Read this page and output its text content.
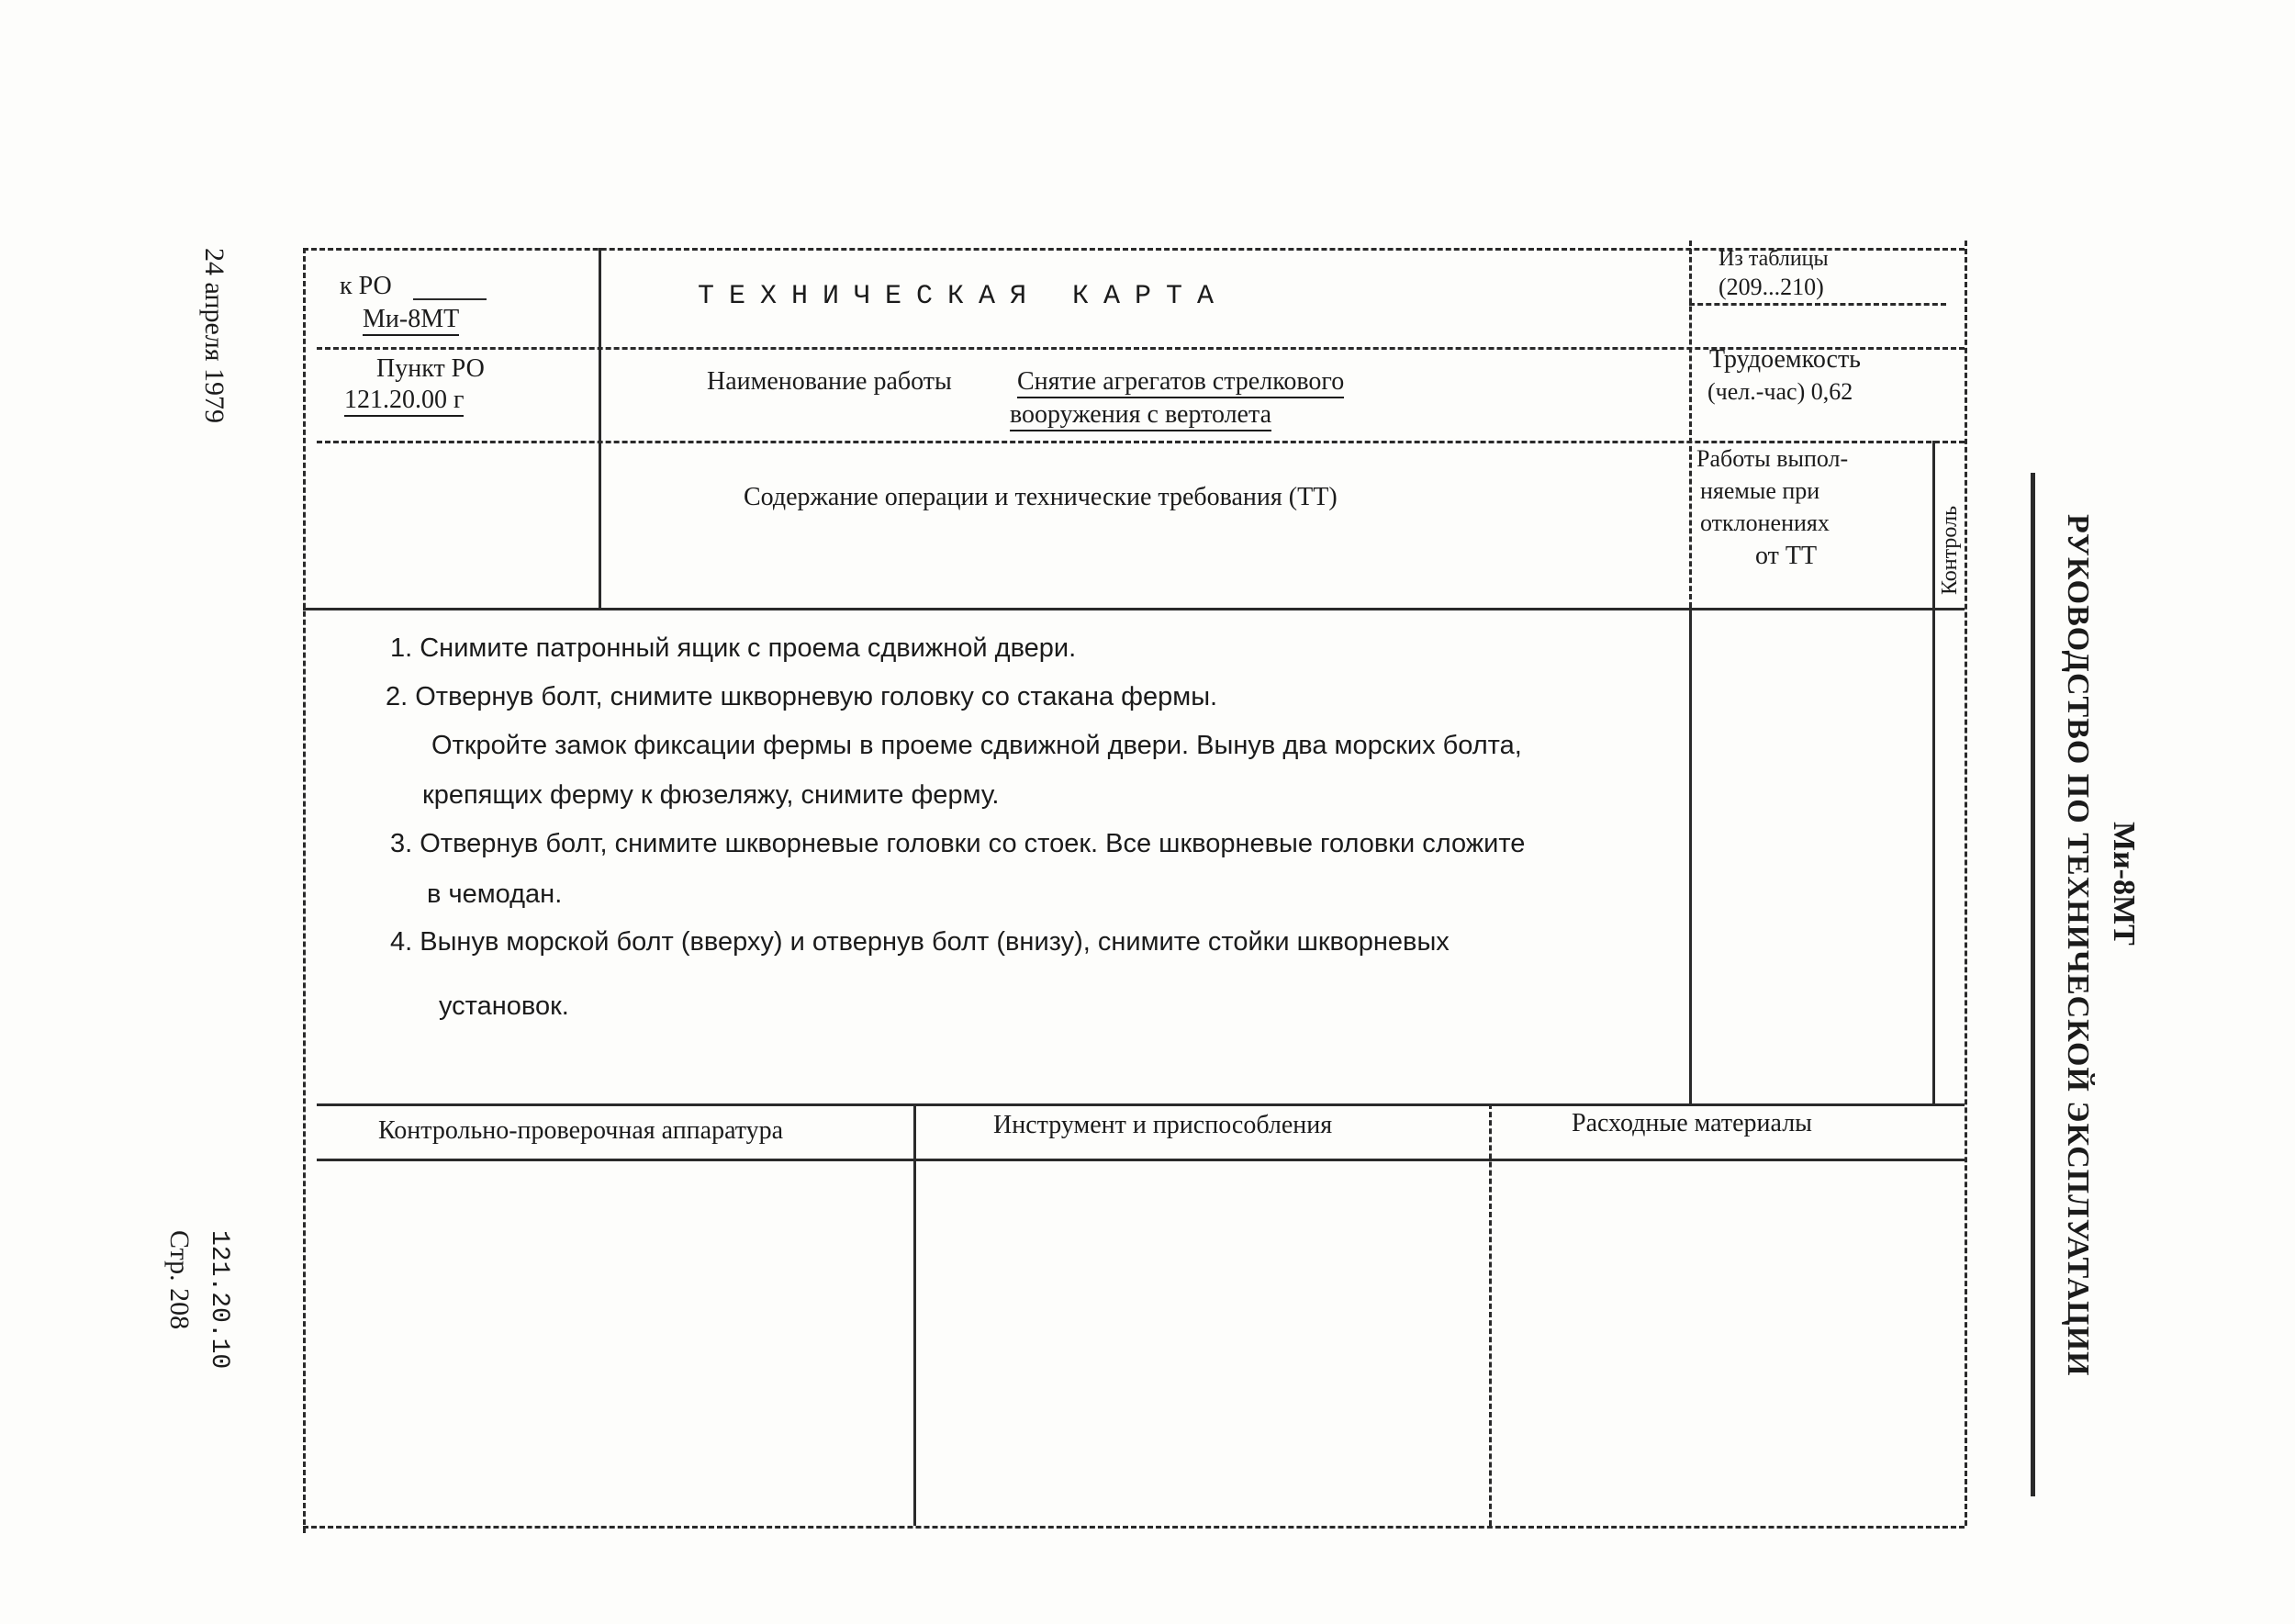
24 апреля 1979
121.20.10
Стр. 208
Ми-8МТ
РУКОВОДСТВО ПО ТЕХНИЧЕСКОЙ ЭКСПЛУАТАЦИИ
к РО
Ми-8МТ
ТЕХНИЧЕСКАЯ КАРТА
Из таблицы
(209...210)
Пункт РО
121.20.00 г
Наименование работы	Снятие агрегатов стрелкового
вооружения с вертолета
Трудоемкость
(чел.-час) 0,62
Содержание операции и технические требования (ТТ)
Работы выпол-
няемые при
отклонениях
от ТТ	Контроль
1. Снимите патронный ящик с проема сдвижной двери.
2. Отвернув болт, снимите шкворневую головку со стакана фермы.
Откройте замок фиксации фермы в проеме сдвижной двери. Вынув два морских болта,
крепящих ферму к фюзеляжу, снимите ферму.
3. Отвернув болт, снимите шкворневые головки со стоек. Все шкворневые головки сложите
в чемодан.
4. Вынув морской болт (вверху) и отвернув болт (внизу), снимите стойки шкворневых
установок.
Контрольно-проверочная аппаратура	Инструмент и приспособления	Расходные материалы
